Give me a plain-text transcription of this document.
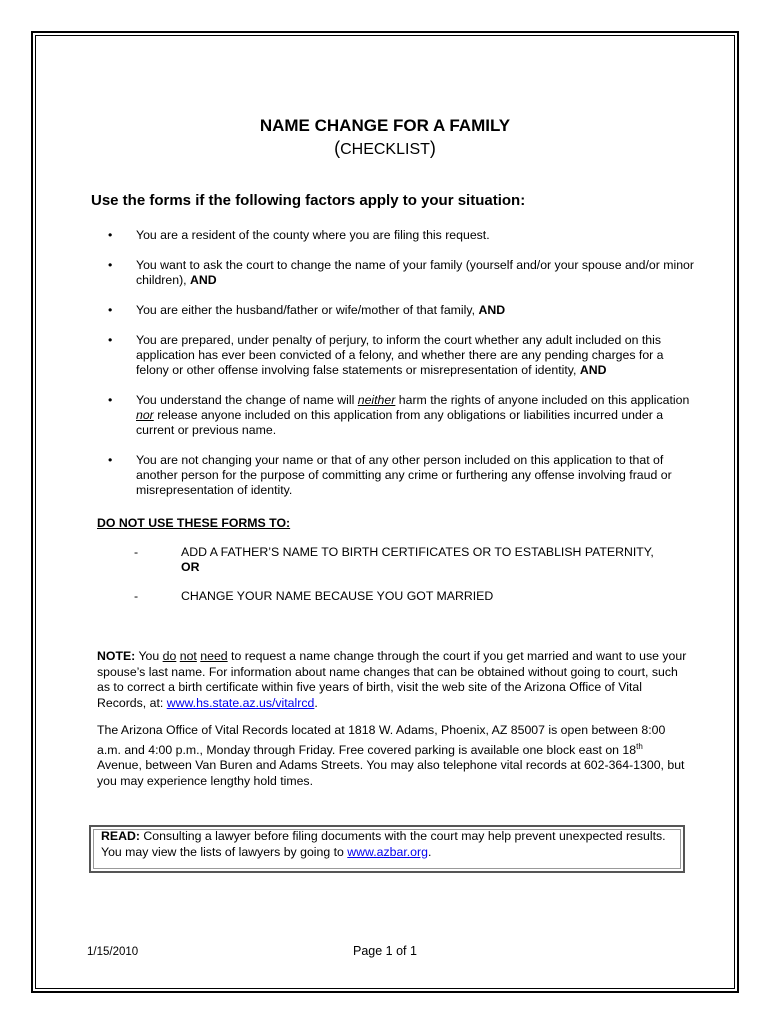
NAME CHANGE FOR A FAMILY
(CHECKLIST)
Use the forms if the following factors apply to your situation:
• You are a resident of the county where you are filing this request.
• You want to ask the court to change the name of your family (yourself and/or your spouse and/or minor children), AND
• You are either the husband/father or wife/mother of that family, AND
• You are prepared, under penalty of perjury, to inform the court whether any adult included on this application has ever been convicted of a felony, and whether there are any pending charges for a felony or other offense involving false statements or misrepresentation of identity, AND
• You understand the change of name will neither harm the rights of anyone included on this application nor release anyone included on this application from any obligations or liabilities incurred under a current or previous name.
• You are not changing your name or that of any other person included on this application to that of another person for the purpose of committing any crime or furthering any offense involving fraud or misrepresentation of identity.
DO NOT USE THESE FORMS TO:
-	ADD A FATHER’S NAME TO BIRTH CERTIFICATES OR TO ESTABLISH PATERNITY,
OR
-	CHANGE YOUR NAME BECAUSE YOU GOT MARRIED
NOTE: You do not need to request a name change through the court if you get married and want to use your spouse’s last name. For information about name changes that can be obtained without going to court, such as to correct a birth certificate within five years of birth, visit the web site of the Arizona Office of Vital Records, at: www.hs.state.az.us/vitalrcd.
The Arizona Office of Vital Records located at 1818 W. Adams, Phoenix, AZ 85007 is open between 8:00 a.m. and 4:00 p.m., Monday through Friday. Free covered parking is available one block east on 18th Avenue, between Van Buren and Adams Streets. You may also telephone vital records at 602-364-1300, but you may experience lengthy hold times.
READ: Consulting a lawyer before filing documents with the court may help prevent unexpected results. You may view the lists of lawyers by going to www.azbar.org.
1/15/2010	Page 1 of 1
